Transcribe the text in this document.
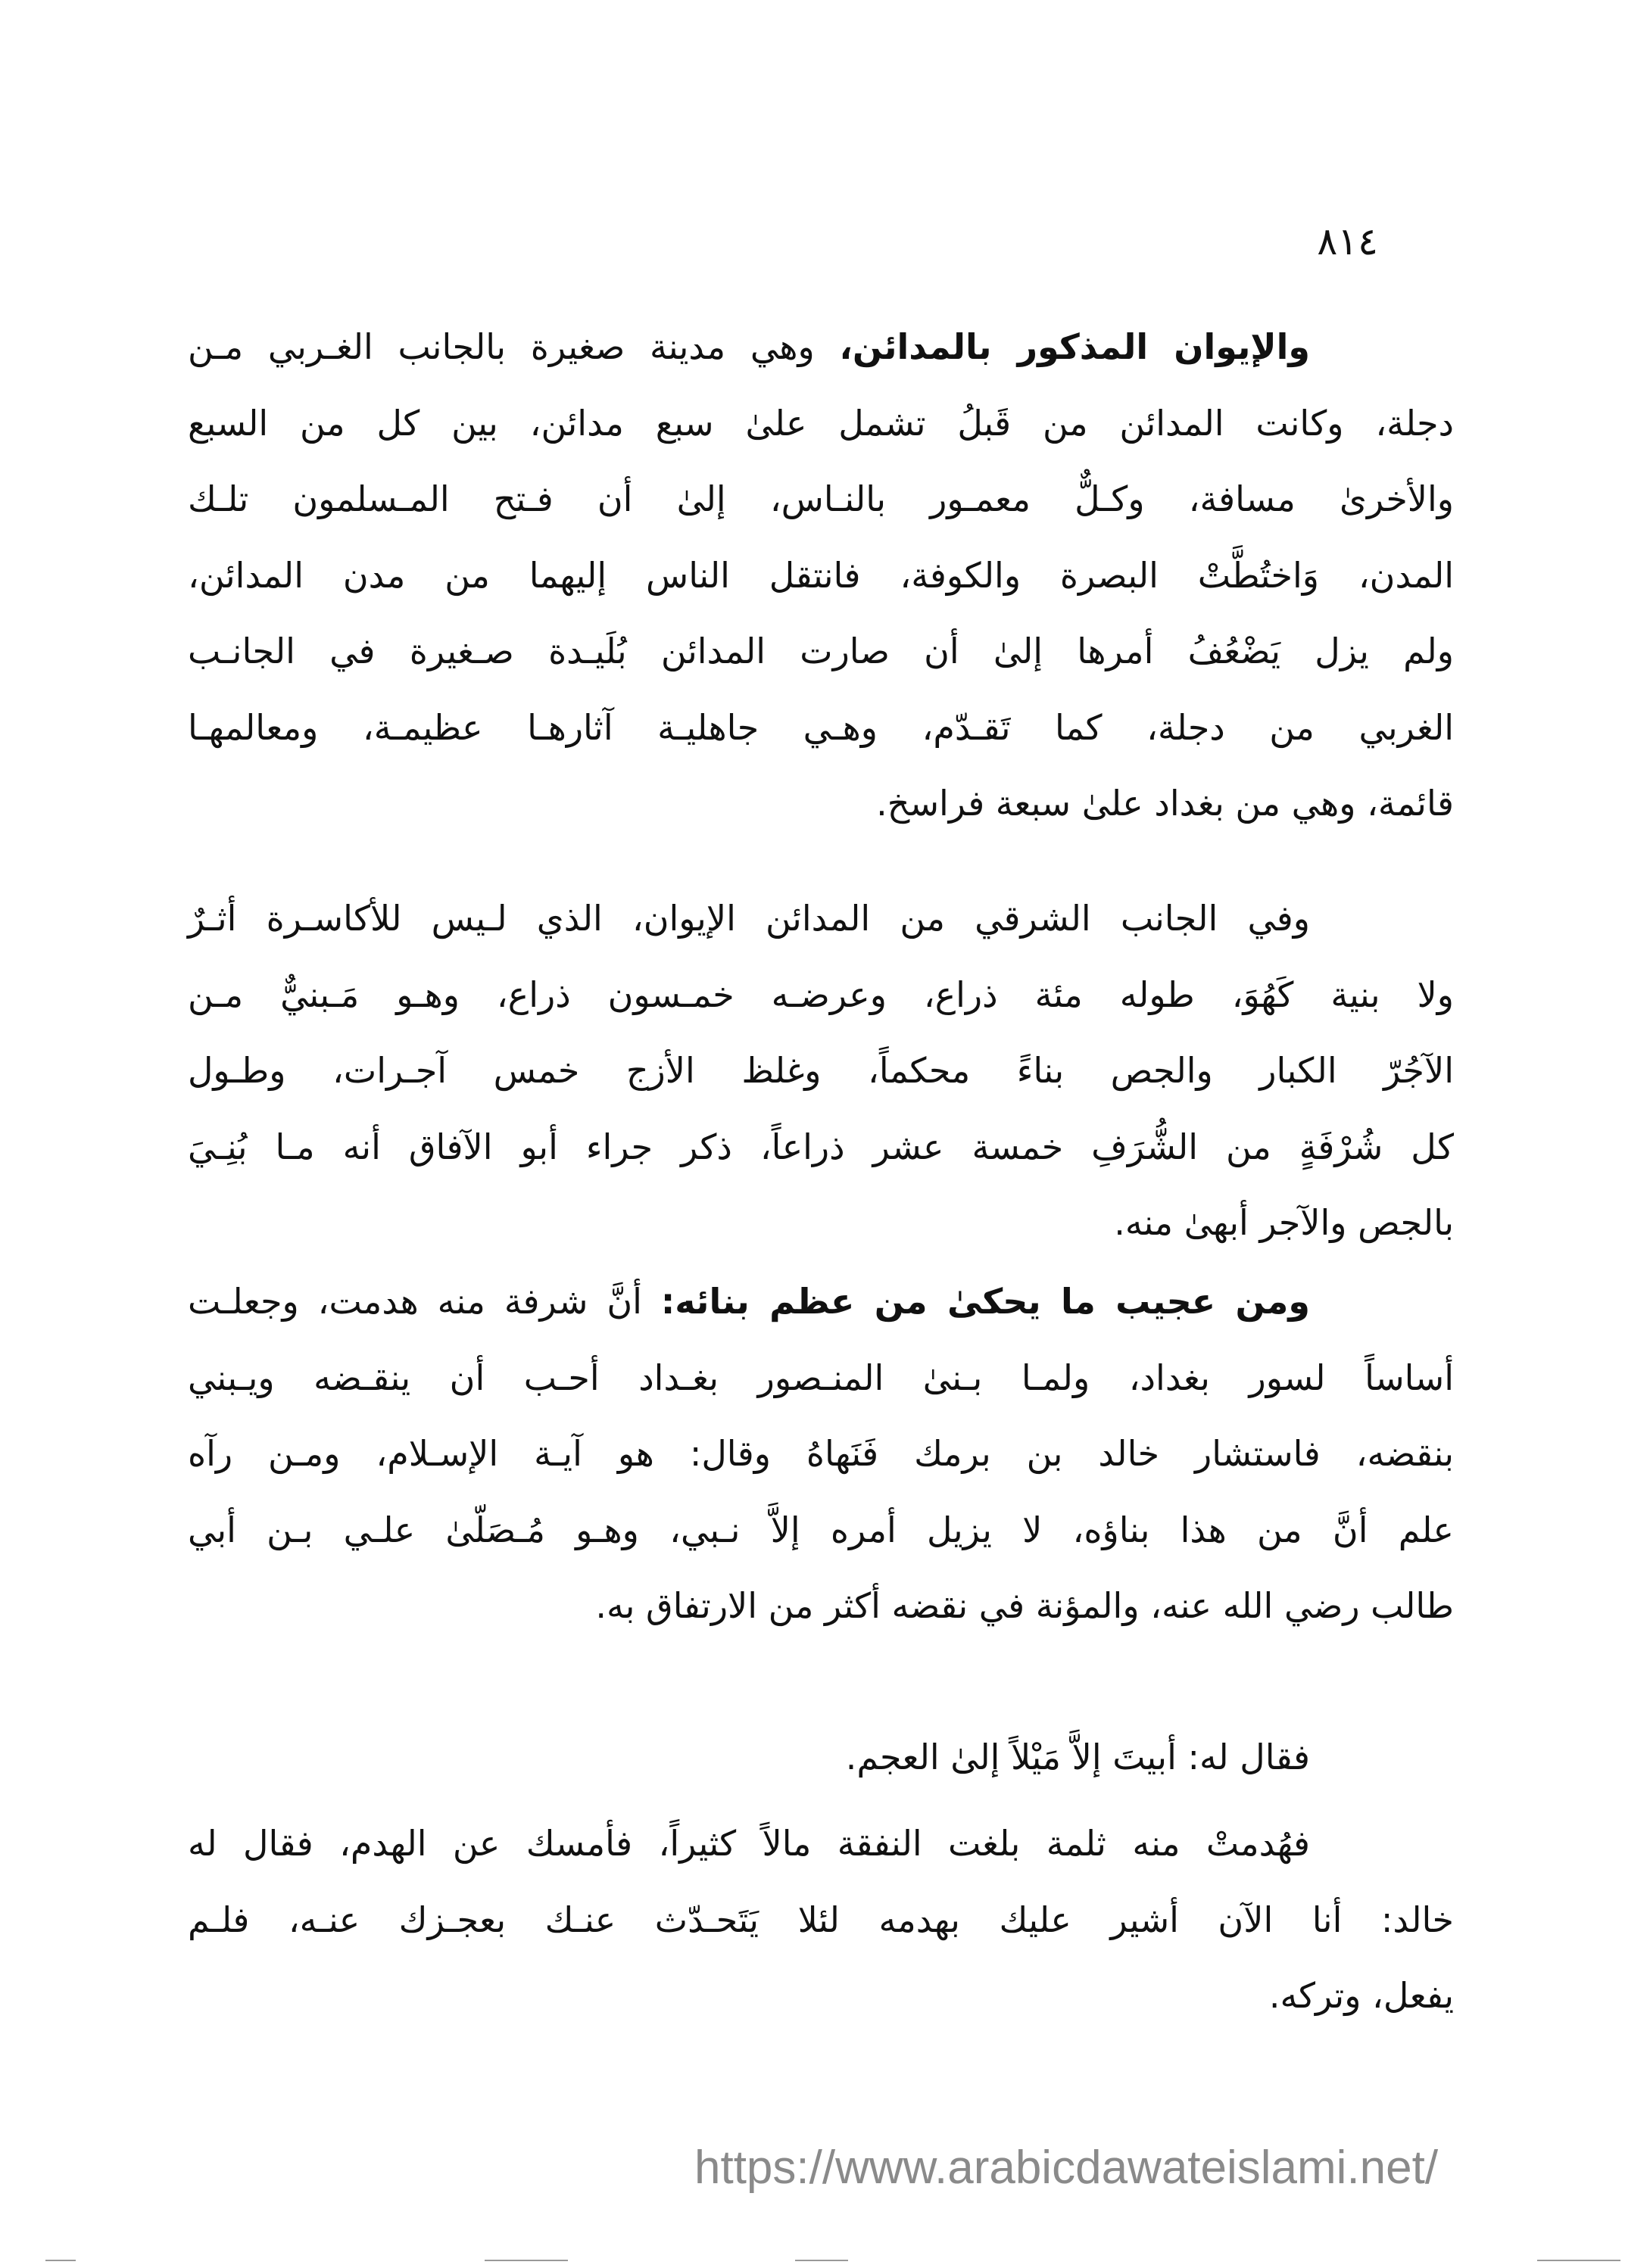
٨١٤
والإيوان المذكور بالمدائن، وهي مدينة صغيرة بالجانب الغـربي مـن
دجلة، وكانت المدائن من قَبلُ تشمل علىٰ سبع مدائن، بين كل من السبع
والأخرىٰ مسافة، وكـلٌّ معمـور بالنـاس، إلىٰ أن فـتح المـسلمون تلـك
المدن، وَاختُطَّتْ البصرة والكوفة، فانتقل الناس إليهما من مدن المدائن،
ولم يزل يَضْعُفُ أمرها إلىٰ أن صارت المدائن بُلَيـدة صـغيرة في الجانـب
الغربي من دجلة، كما تَقـدّم، وهـي جاهليـة آثارهـا عظيمـة، ومعالمهـا
قائمة، وهي من بغداد علىٰ سبعة فراسخ.
وفي الجانب الشرقي من المدائن الإيوان، الذي لـيس للأكاسـرة أثـرٌ
ولا بنية كَهُوَ، طوله مئة ذراع، وعرضـه خمـسون ذراع، وهـو مَـبنيٌّ مـن
الآجُرّ الكبار والجص بناءً محكماً، وغلظ الأزج خمس آجـرات، وطـول
كل شُرْفَةٍ من الشُّرَفِ خمسة عشر ذراعاً، ذكر جراء أبو الآفاق أنه مـا بُنِـيَ
بالجص والآجر أبهىٰ منه.
ومن عجيب ما يحكىٰ من عظم بنائه: أنَّ شرفة منه هدمت، وجعلـت
أساساً لسور بغداد، ولمـا بـنىٰ المنـصور بغـداد أحـب أن ينقـضه ويـبني
بنقضه، فاستشار خالد بن برمك فَنَهاهُ وقال: هو آيـة الإسـلام، ومـن رآه
علم أنَّ من هذا بناؤه، لا يزيل أمره إلاَّ نـبي، وهـو مُـصَلّىٰ علـي بـن أبي
طالب رضي الله عنه، والمؤنة في نقضه أكثر من الارتفاق به.
فقال له: أبيتَ إلاَّ مَيْلاً إلىٰ العجم.
فهُدمتْ منه ثلمة بلغت النفقة مالاً كثيراً، فأمسك عن الهدم، فقال له
خالد: أنا الآن أشير عليك بهدمه لئلا يَتَحـدّث عنـك بعجـزك عنـه، فلـم
يفعل، وتركه.
https://www.arabicdawateislami.net/
